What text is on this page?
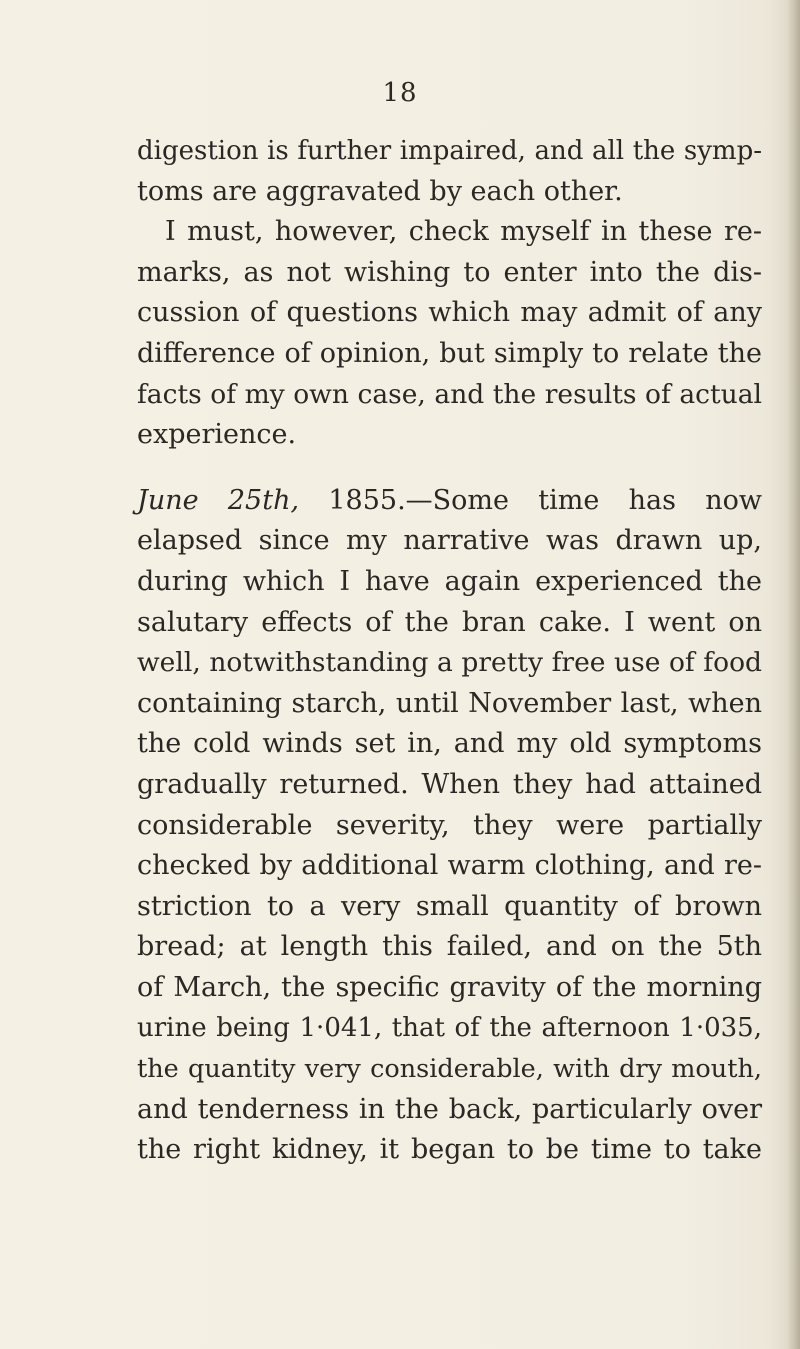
18
digestion is further impaired, and all the symp-
toms are aggravated by each other.
I must, however, check myself in these re-
marks, as not wishing to enter into the dis-
cussion of questions which may admit of any
difference of opinion, but simply to relate the
facts of my own case, and the results of actual
experience.
June 25th, 1855.—Some time has now
elapsed since my narrative was drawn up,
during which I have again experienced the
salutary effects of the bran cake. I went on
well, notwithstanding a pretty free use of food
containing starch, until November last, when
the cold winds set in, and my old symptoms
gradually returned. When they had attained
considerable severity, they were partially
checked by additional warm clothing, and re-
striction to a very small quantity of brown
bread; at length this failed, and on the 5th
of March, the specific gravity of the morning
urine being 1·041, that of the afternoon 1·035,
the quantity very considerable, with dry mouth,
and tenderness in the back, particularly over
the right kidney, it began to be time to take
